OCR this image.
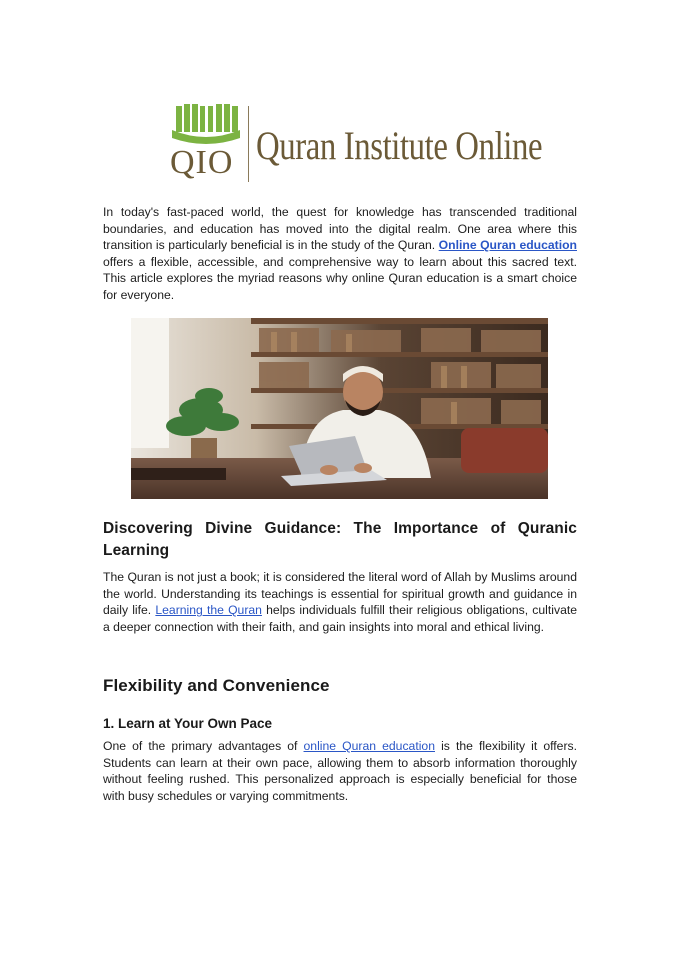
QIO Quran Institute Online

In today's fast-paced world, the quest for knowledge has transcended traditional boundaries, and education has moved into the digital realm. One area where this transition is particularly beneficial is in the study of the Quran. Online Quran education offers a flexible, accessible, and comprehensive way to learn about this sacred text. This article explores the myriad reasons why online Quran education is a smart choice for everyone.

Discovering Divine Guidance: The Importance of Quranic Learning

The Quran is not just a book; it is considered the literal word of Allah by Muslims around the world. Understanding its teachings is essential for spiritual growth and guidance in daily life. Learning the Quran helps individuals fulfill their religious obligations, cultivate a deeper connection with their faith, and gain insights into moral and ethical living.

Flexibility and Convenience
1. Learn at Your Own Pace

One of the primary advantages of online Quran education is the flexibility it offers. Students can learn at their own pace, allowing them to absorb information thoroughly without feeling rushed. This personalized approach is especially beneficial for those with busy schedules or varying commitments.
